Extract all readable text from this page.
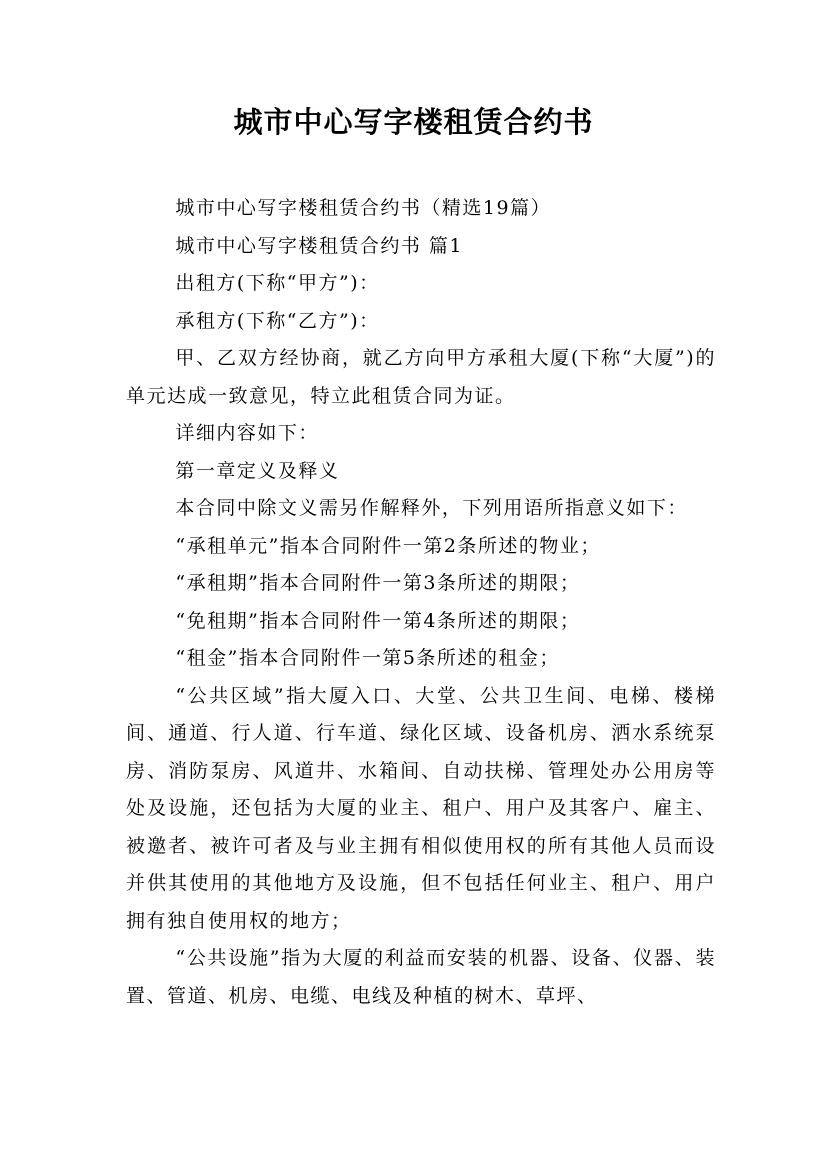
城市中心写字楼租赁合约书

城市中心写字楼租赁合约书（精选19篇）

城市中心写字楼租赁合约书 篇1

出租方(下称“甲方”)：

承租方(下称“乙方”)：

甲、乙双方经协商，就乙方向甲方承租大厦(下称“大厦”)的单元达成一致意见，特立此租赁合同为证。

详细内容如下：

第一章定义及释义

本合同中除文义需另作解释外，下列用语所指意义如下：

“承租单元”指本合同附件一第2条所述的物业；

“承租期”指本合同附件一第3条所述的期限；

“免租期”指本合同附件一第4条所述的期限；

“租金”指本合同附件一第5条所述的租金；

“公共区域”指大厦入口、大堂、公共卫生间、电梯、楼梯间、通道、行人道、行车道、绿化区域、设备机房、洒水系统泵房、消防泵房、风道井、水箱间、自动扶梯、管理处办公用房等处及设施，还包括为大厦的业主、租户、用户及其客户、雇主、被邀者、被许可者及与业主拥有相似使用权的所有其他人员而设并供其使用的其他地方及设施，但不包括任何业主、租户、用户拥有独自使用权的地方；

“公共设施”指为大厦的利益而安装的机器、设备、仪器、装置、管道、机房、电缆、电线及种植的树木、草坪、
